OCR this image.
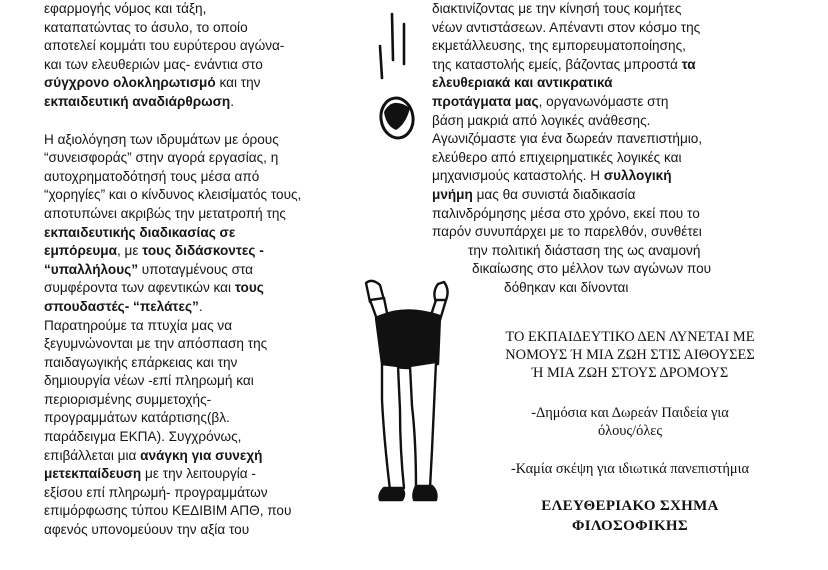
εφαρμογής νόμος και τάξη,
καταπατώντας το άσυλο, το οποίο
αποτελεί κομμάτι του ευρύτερου αγώνα-
και των ελευθεριών μας- ενάντια στο
σύγχρονο ολοκληρωτισμό και την
εκπαιδευτική αναδιάρθρωση.

Η αξιολόγηση των ιδρυμάτων με όρους
“συνεισφοράς” στην αγορά εργασίας, η
αυτοχρηματοδότησή τους μέσα από
“χορηγίες” και ο κίνδυνος κλεισίματός τους,
αποτυπώνει ακριβώς την μετατροπή της
εκπαιδευτικής διαδικασίας σε
εμπόρευμα, με τους διδάσκοντες -
“υπαλλήλους” υποταγμένους στα
συμφέροντα των αφεντικών και τους
σπουδαστές- “πελάτες”.
Παρατηρούμε τα πτυχία μας να
ξεγυμνώνονται με την απόσπαση της
παιδαγωγικής επάρκειας και την
δημιουργία νέων -επί πληρωμή και
περιορισμένης συμμετοχής-
προγραμμάτων κατάρτισης(βλ.
παράδειγμα ΕΚΠΑ). Συγχρόνως,
επιβάλλεται μια ανάγκη για συνεχή
μετεκπαίδευση με την λειτουργία -
εξίσου επί πληρωμή- προγραμμάτων
επιμόρφωσης τύπου ΚΕΔΙΒΙΜ ΑΠΘ, που
αφενός υπονομεύουν την αξία του

διακτινίζοντας με την κίνησή τους κομήτες
νέων αντιστάσεων. Απέναντι στον κόσμο της
εκμετάλλευσης, της εμπορευματοποίησης,
της καταστολής εμείς, βάζοντας μπροστά τα
ελευθεριακά και αντικρατικά
προτάγματα μας, οργανωνόμαστε στη
βάση μακριά από λογικές ανάθεσης.
Αγωνιζόμαστε για ένα δωρεάν πανεπιστήμιο,
ελεύθερο από επιχειρηματικές λογικές και
μηχανισμούς καταστολής. Η συλλογική
μνήμη μας θα συνιστά διαδικασία
παλινδρόμησης μέσα στο χρόνο, εκεί που το
παρόν συνυπάρχει με το παρελθόν, συνθέτει
την πολιτική διάσταση της ως αναμονή
δικαίωσης στο μέλλον των αγώνων που
δόθηκαν και δίνονται

ΤΟ ΕΚΠΑΙΔΕΥΤΙΚΟ ΔΕΝ ΛΥΝΕΤΑΙ ΜΕ
ΝΟΜΟΥΣ Ή ΜΙΑ ΖΩΗ ΣΤΙΣ ΑΙΘΟΥΣΕΣ
Ή ΜΙΑ ΖΩΗ ΣΤΟΥΣ ΔΡΟΜΟΥΣ
-Δημόσια και Δωρεάν Παιδεία για
όλους/όλες
-Καμία σκέψη για ιδιωτικά πανεπιστήμια
ΕΛΕΥΘΕΡΙΑΚΟ ΣΧΗΜΑ
ΦΙΛΟΣΟΦΙΚΗΣ
